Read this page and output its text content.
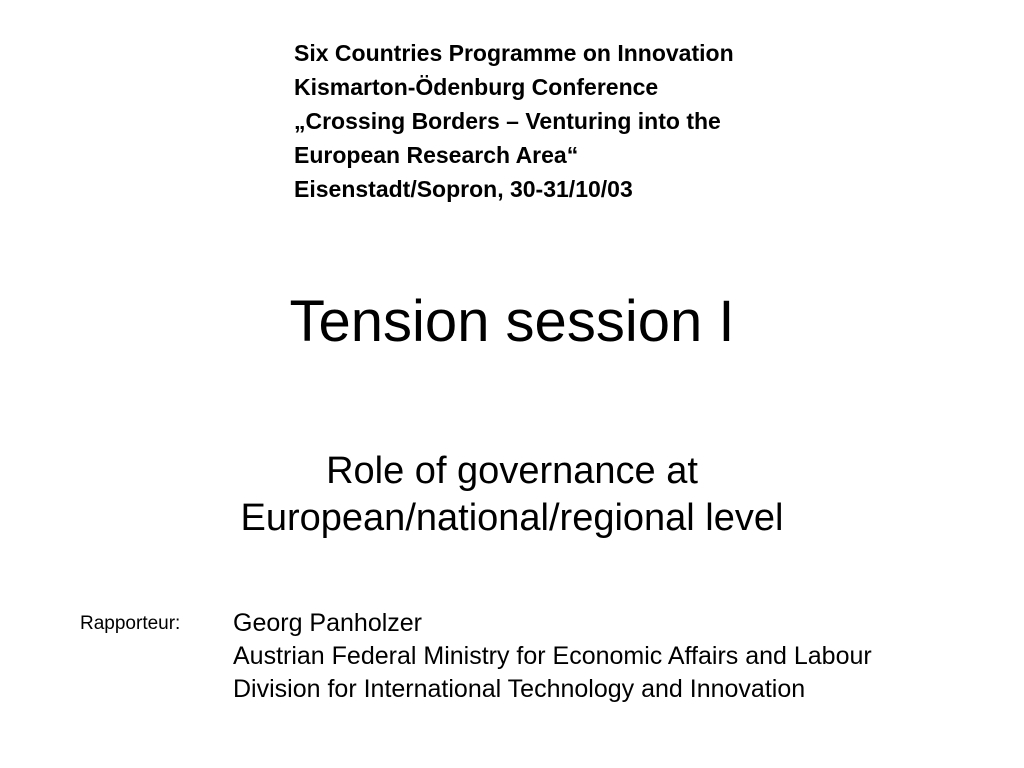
Six Countries Programme on Innovation
Kismarton-Ödenburg Conference
„Crossing Borders – Venturing into the
European Research Area“
Eisenstadt/Sopron, 30-31/10/03
Tension session I
Role of governance at
European/national/regional level
Rapporteur: Georg Panholzer
Austrian Federal Ministry for Economic Affairs and Labour
Division for International Technology and Innovation
